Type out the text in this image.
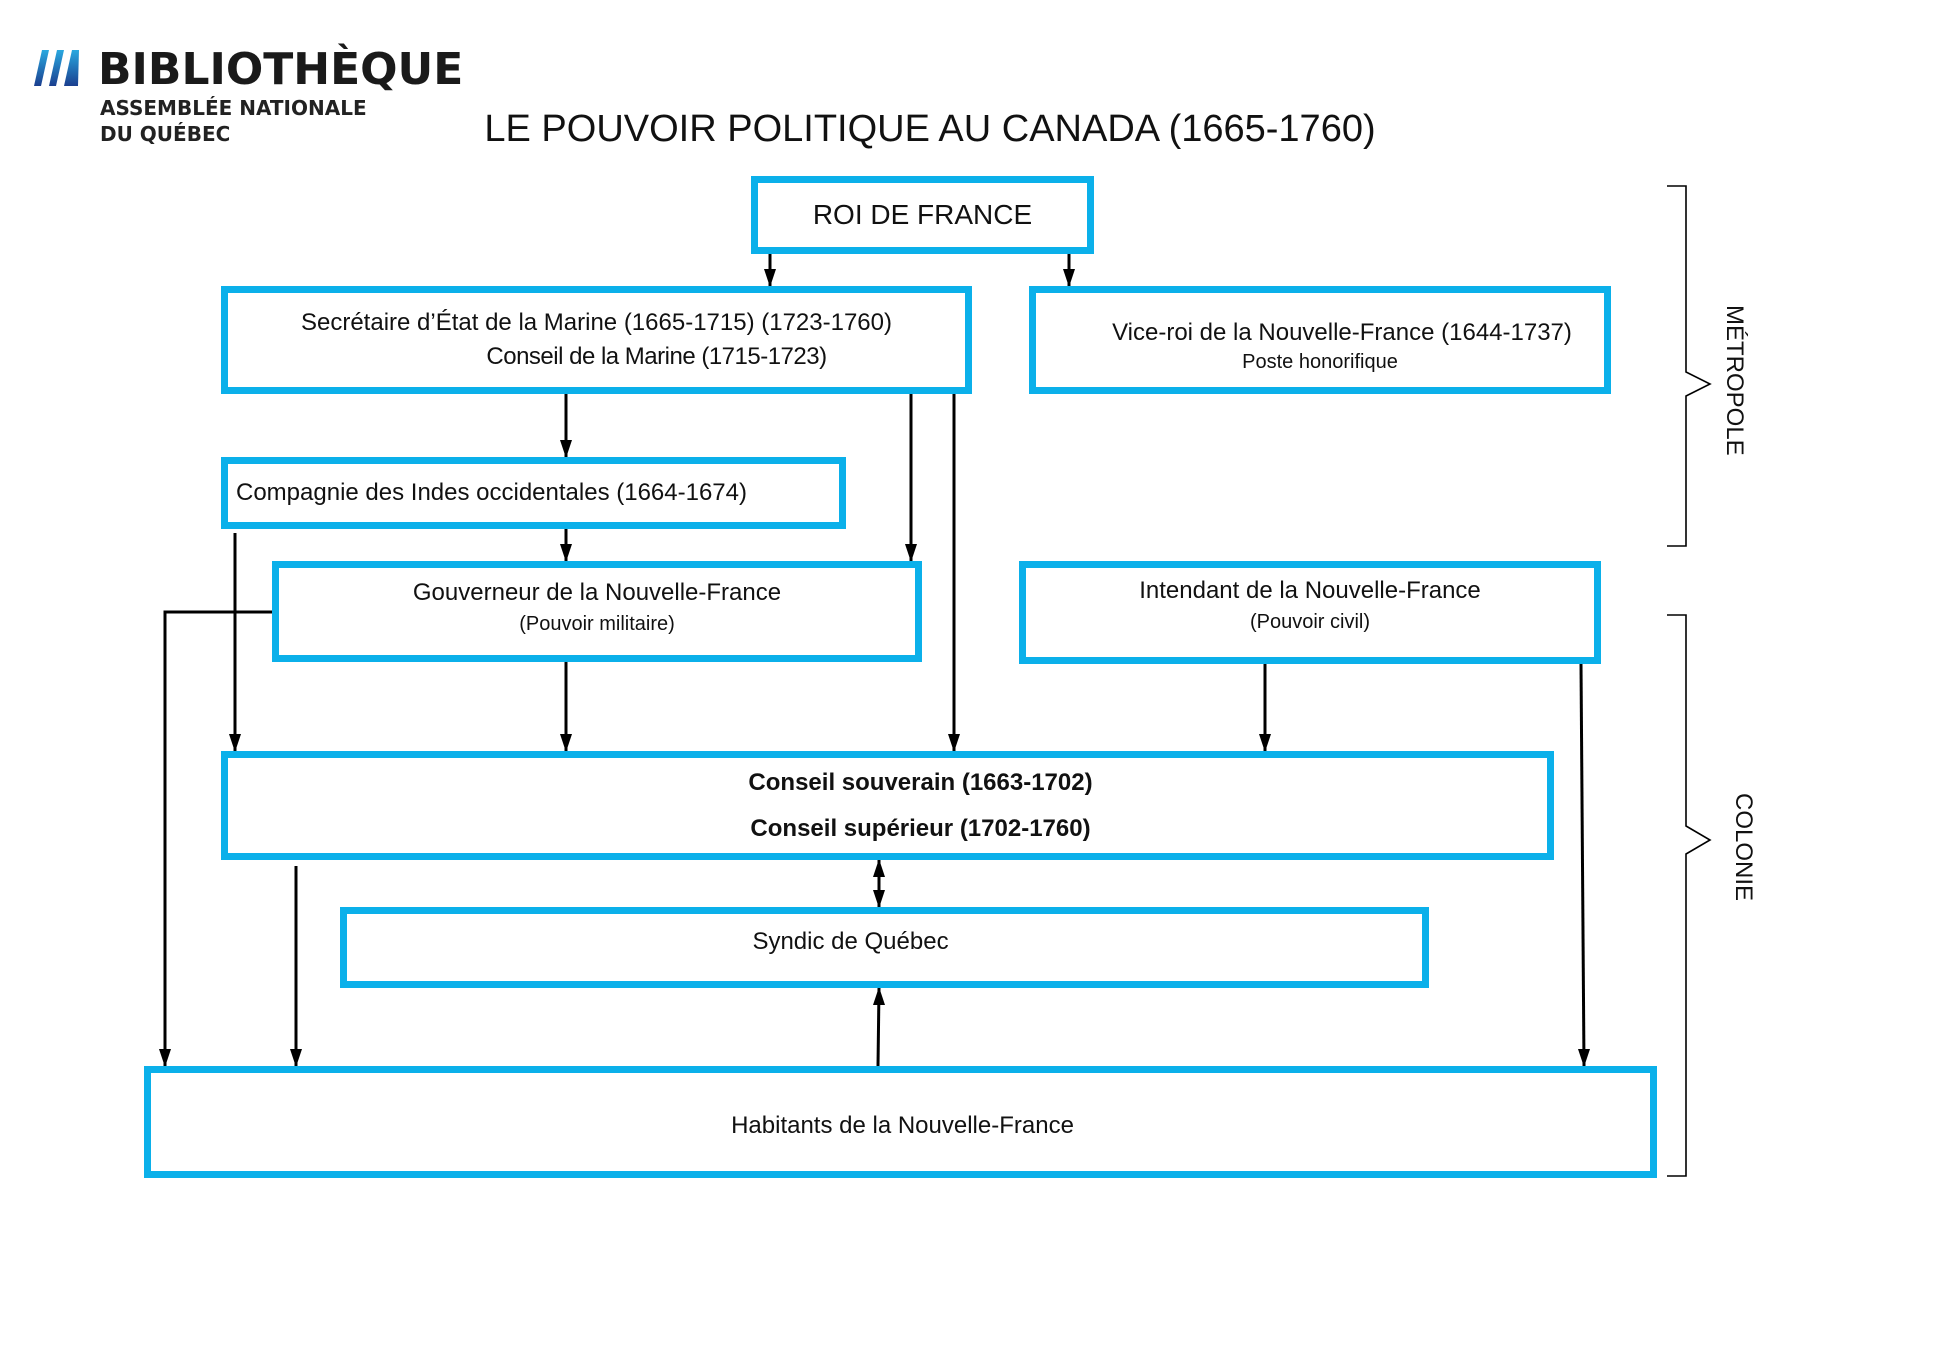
BIBLIOTHÈQUE
ASSEMBLÉE NATIONALE
DU QUÉBEC	LE POUVOIR POLITIQUE AU CANADA (1665-1760)
MÉTROPOLE
COLONIE
ROI DE FRANCE
Secrétaire d’État de la Marine (1665-1715) (1723-1760)
Conseil de la Marine (1715-1723)
Vice-roi de la Nouvelle-France (1644-1737)
Poste honorifique
Compagnie des Indes occidentales (1664-1674)
Gouverneur de la Nouvelle-France
(Pouvoir militaire)
Intendant de la Nouvelle-France
(Pouvoir civil)
Conseil souverain (1663-1702)
Conseil supérieur (1702-1760)
Syndic de Québec
Habitants de la Nouvelle-France
